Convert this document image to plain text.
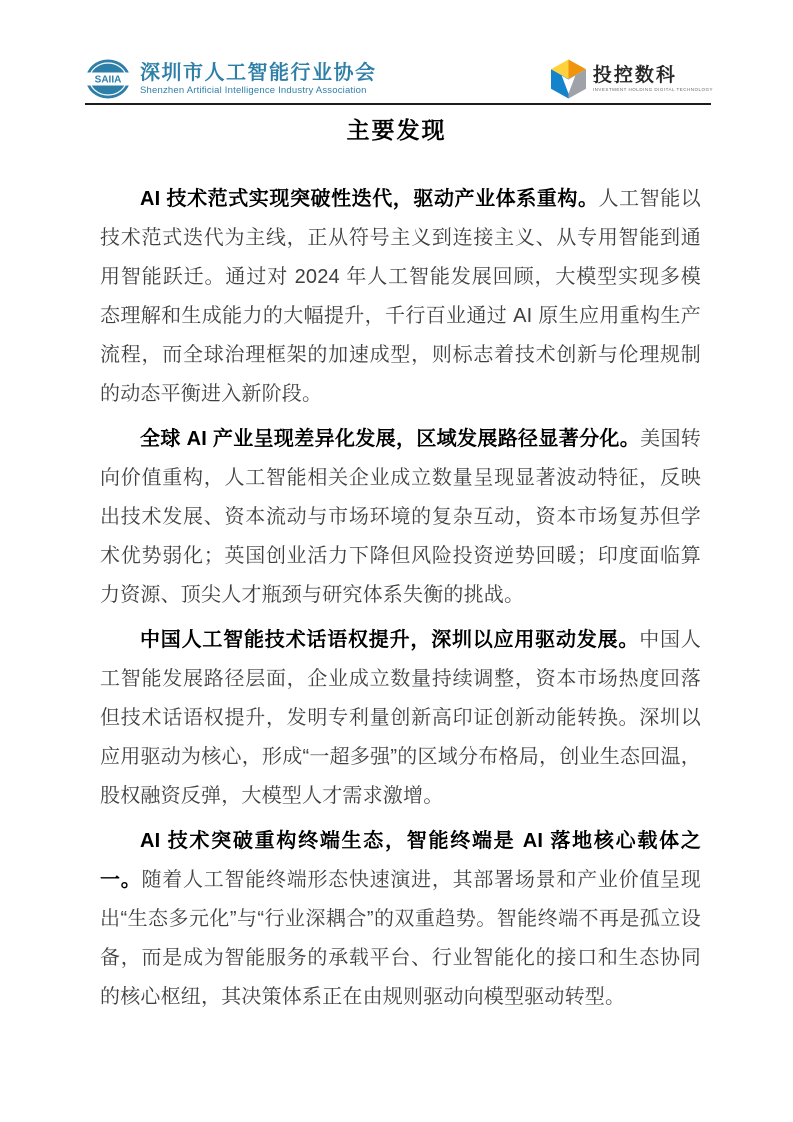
SAIIA 深圳市人工智能行业协会
Shenzhen Artificial Intelligence Industry Association
投控数科
INVESTMENT HOLDING DIGITAL TECHNOLOGY
主要发现

AI 技术范式实现突破性迭代，驱动产业体系重构。人工智能以技术范式迭代为主线，正从符号主义到连接主义、从专用智能到通用智能跃迁。通过对 2024 年人工智能发展回顾，大模型实现多模态理解和生成能力的大幅提升，千行百业通过 AI 原生应用重构生产流程，而全球治理框架的加速成型，则标志着技术创新与伦理规制的动态平衡进入新阶段。

全球 AI 产业呈现差异化发展，区域发展路径显著分化。美国转向价值重构，人工智能相关企业成立数量呈现显著波动特征，反映出技术发展、资本流动与市场环境的复杂互动，资本市场复苏但学术优势弱化；英国创业活力下降但风险投资逆势回暖；印度面临算力资源、顶尖人才瓶颈与研究体系失衡的挑战。

中国人工智能技术话语权提升，深圳以应用驱动发展。中国人工智能发展路径层面，企业成立数量持续调整，资本市场热度回落但技术话语权提升，发明专利量创新高印证创新动能转换。深圳以应用驱动为核心，形成“一超多强”的区域分布格局，创业生态回温，股权融资反弹，大模型人才需求激增。

AI 技术突破重构终端生态，智能终端是 AI 落地核心载体之一。随着人工智能终端形态快速演进，其部署场景和产业价值呈现出“生态多元化”与“行业深耦合”的双重趋势。智能终端不再是孤立设备，而是成为智能服务的承载平台、行业智能化的接口和生态协同的核心枢纽，其决策体系正在由规则驱动向模型驱动转型。
